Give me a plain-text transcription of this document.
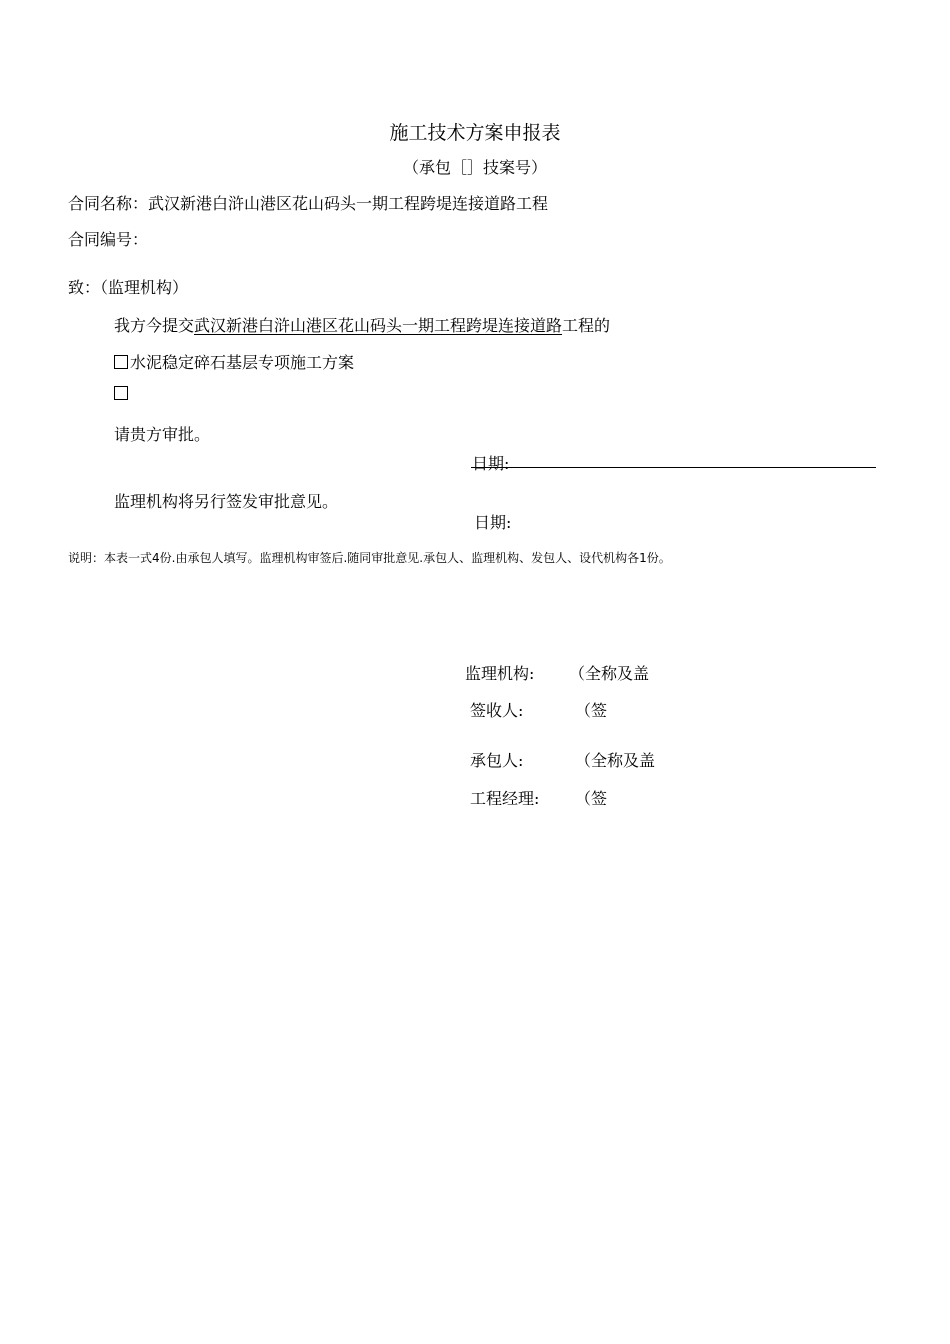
施工技术方案申报表
（承包［］技案号）
合同名称：武汉新港白浒山港区花山码头一期工程跨堤连接道路工程
合同编号：
致：（监理机构）
我方今提交武汉新港白浒山港区花山码头一期工程跨堤连接道路工程的
水泥稳定碎石基层专项施工方案
请贵方审批。
日期:
监理机构将另行签发审批意见。
日期:
说明：本表一式4份.由承包人填写。监理机构审签后.随同审批意见.承包人、监理机构、发包人、设代机构各1份。
监理机构: （全称及盖
签收人:	（签
承包人:	（全称及盖
工程经理: （签
